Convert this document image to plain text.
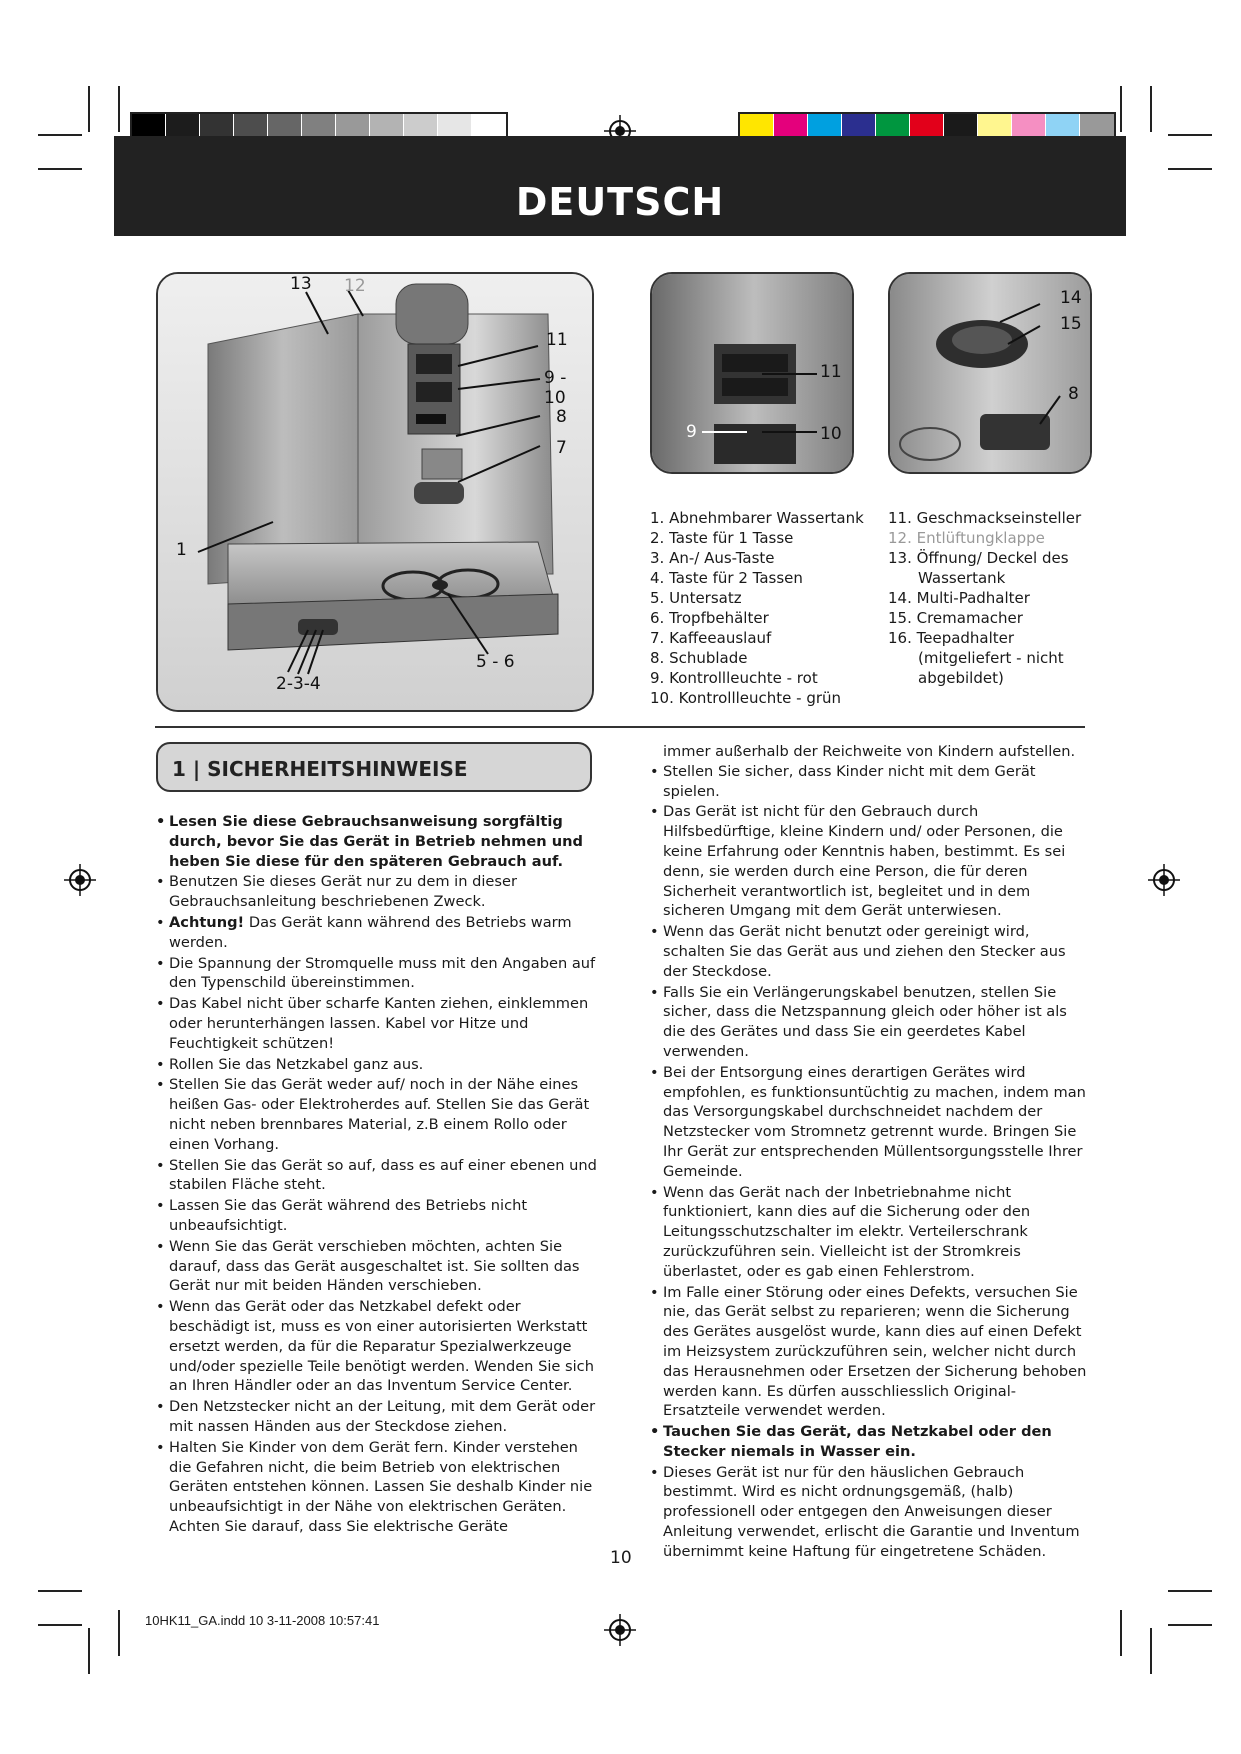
DEUTSCH
13 12
11
9 - 10
8
7
1
5 - 6
2-3-4
11
9	10
14
15
8
1. Abnehmbarer Wassertank
2. Taste für 1 Tasse
3. An-/ Aus-Taste
4. Taste für 2 Tassen
5. Untersatz
6. Tropfbehälter
7. Kaffeeauslauf
8. Schublade
9. Kontrollleuchte - rot
10. Kontrollleuchte - grün
11. Geschmackseinsteller
12. Entlüftungklappe
13. Öffnung/ Deckel des
Wassertank
14. Multi-Padhalter
15. Cremamacher
16. Teepadhalter
(mitgeliefert - nicht
abgebildet)
1 | SICHERHEITSHINWEISE
• Lesen Sie diese Gebrauchsanweisung sorgfältig durch, bevor Sie das Gerät in Betrieb nehmen und heben Sie diese für den späteren Gebrauch auf.
• Benutzen Sie dieses Gerät nur zu dem in dieser Gebrauchsanleitung beschriebenen Zweck.
• Achtung! Das Gerät kann während des Betriebs warm werden.
• Die Spannung der Stromquelle muss mit den Angaben auf den Typenschild übereinstimmen.
• Das Kabel nicht über scharfe Kanten ziehen, einklemmen oder herunterhängen lassen. Kabel vor Hitze und Feuchtigkeit schützen!
• Rollen Sie das Netzkabel ganz aus.
• Stellen Sie das Gerät weder auf/ noch in der Nähe eines heißen Gas- oder Elektroherdes auf. Stellen Sie das Gerät nicht neben brennbares Material, z.B einem Rollo oder einen Vorhang.
• Stellen Sie das Gerät so auf, dass es auf einer ebenen und stabilen Fläche steht.
• Lassen Sie das Gerät während des Betriebs nicht unbeaufsichtigt.
• Wenn Sie das Gerät verschieben möchten, achten Sie darauf, dass das Gerät ausgeschaltet ist. Sie sollten das Gerät nur mit beiden Händen verschieben.
• Wenn das Gerät oder das Netzkabel defekt oder beschädigt ist, muss es von einer autorisierten Werkstatt ersetzt werden, da für die Reparatur Spezialwerkzeuge und/oder spezielle Teile benötigt werden. Wenden Sie sich an Ihren Händler oder an das Inventum Service Center.
• Den Netzstecker nicht an der Leitung, mit dem Gerät oder mit nassen Händen aus der Steckdose ziehen.
• Halten Sie Kinder von dem Gerät fern. Kinder verstehen die Gefahren nicht, die beim Betrieb von elektrischen Geräten entstehen können. Lassen Sie deshalb Kinder nie unbeaufsichtigt in der Nähe von elektrischen Geräten. Achten Sie darauf, dass Sie elektrische Geräte
immer außerhalb der Reichweite von Kindern aufstellen.
• Stellen Sie sicher, dass Kinder nicht mit dem Gerät spielen.
• Das Gerät ist nicht für den Gebrauch durch Hilfsbedürftige, kleine Kindern und/ oder Personen, die keine Erfahrung oder Kenntnis haben, bestimmt. Es sei denn, sie werden durch eine Person, die für deren Sicherheit verantwortlich ist, begleitet und in dem sicheren Umgang mit dem Gerät unterwiesen.
• Wenn das Gerät nicht benutzt oder gereinigt wird, schalten Sie das Gerät aus und ziehen den Stecker aus der Steckdose.
• Falls Sie ein Verlängerungskabel benutzen, stellen Sie sicher, dass die Netzspannung gleich oder höher ist als die des Gerätes und dass Sie ein geerdetes Kabel verwenden.
• Bei der Entsorgung eines derartigen Gerätes wird empfohlen, es funktionsuntüchtig zu machen, indem man das Versorgungskabel durchschneidet nachdem der Netzstecker vom Stromnetz getrennt wurde. Bringen Sie Ihr Gerät zur entsprechenden Müllentsorgungsstelle Ihrer Gemeinde.
• Wenn das Gerät nach der Inbetriebnahme nicht funktioniert, kann dies auf die Sicherung oder den Leitungsschutzschalter im elektr. Verteilerschrank zurückzuführen sein. Vielleicht ist der Stromkreis überlastet, oder es gab einen Fehlerstrom.
• Im Falle einer Störung oder eines Defekts, versuchen Sie nie, das Gerät selbst zu reparieren; wenn die Sicherung des Gerätes ausgelöst wurde, kann dies auf einen Defekt im Heizsystem zurückzuführen sein, welcher nicht durch das Herausnehmen oder Ersetzen der Sicherung behoben werden kann. Es dürfen ausschliesslich Original-Ersatzteile verwendet werden.
• Tauchen Sie das Gerät, das Netzkabel oder den Stecker niemals in Wasser ein.
• Dieses Gerät ist nur für den häuslichen Gebrauch bestimmt. Wird es nicht ordnungsgemäß, (halb) professionell oder entgegen den Anweisungen dieser Anleitung verwendet, erlischt die Garantie und Inventum übernimmt keine Haftung für eingetretene Schäden.
10
10HK11_GA.indd 10 3-11-2008 10:57:41
